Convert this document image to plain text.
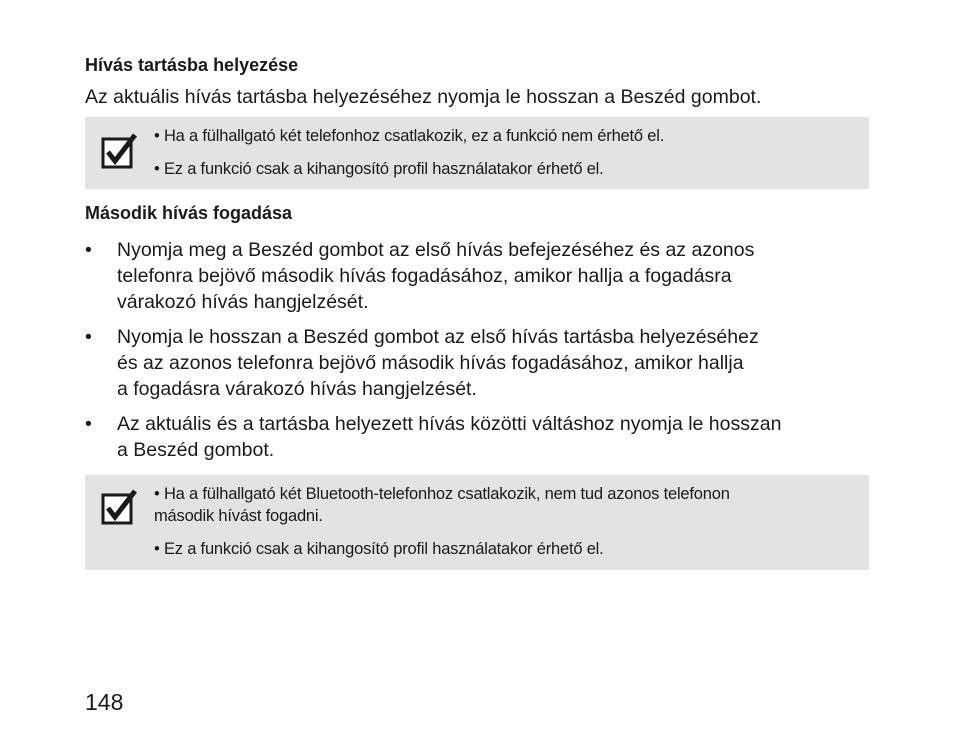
Hívás tartásba helyezése

Az aktuális hívás tartásba helyezéséhez nyomja le hosszan a Beszéd gombot.

• Ha a fülhallgató két telefonhoz csatlakozik, ez a funkció nem érhető el.
• Ez a funkció csak a kihangosító profil használatakor érhető el.
Második hívás fogadása
• Nyomja meg a Beszéd gombot az első hívás befejezéséhez és az azonos
telefonra bejövő második hívás fogadásához, amikor hallja a fogadásra
várakozó hívás hangjelzését.
• Nyomja le hosszan a Beszéd gombot az első hívás tartásba helyezéséhez
és az azonos telefonra bejövő második hívás fogadásához, amikor hallja
a fogadásra várakozó hívás hangjelzését.
• Az aktuális és a tartásba helyezett hívás közötti váltáshoz nyomja le hosszan
a Beszéd gombot.
• Ha a fülhallgató két Bluetooth-telefonhoz csatlakozik, nem tud azonos telefonon
második hívást fogadni.
• Ez a funkció csak a kihangosító profil használatakor érhető el.
148
